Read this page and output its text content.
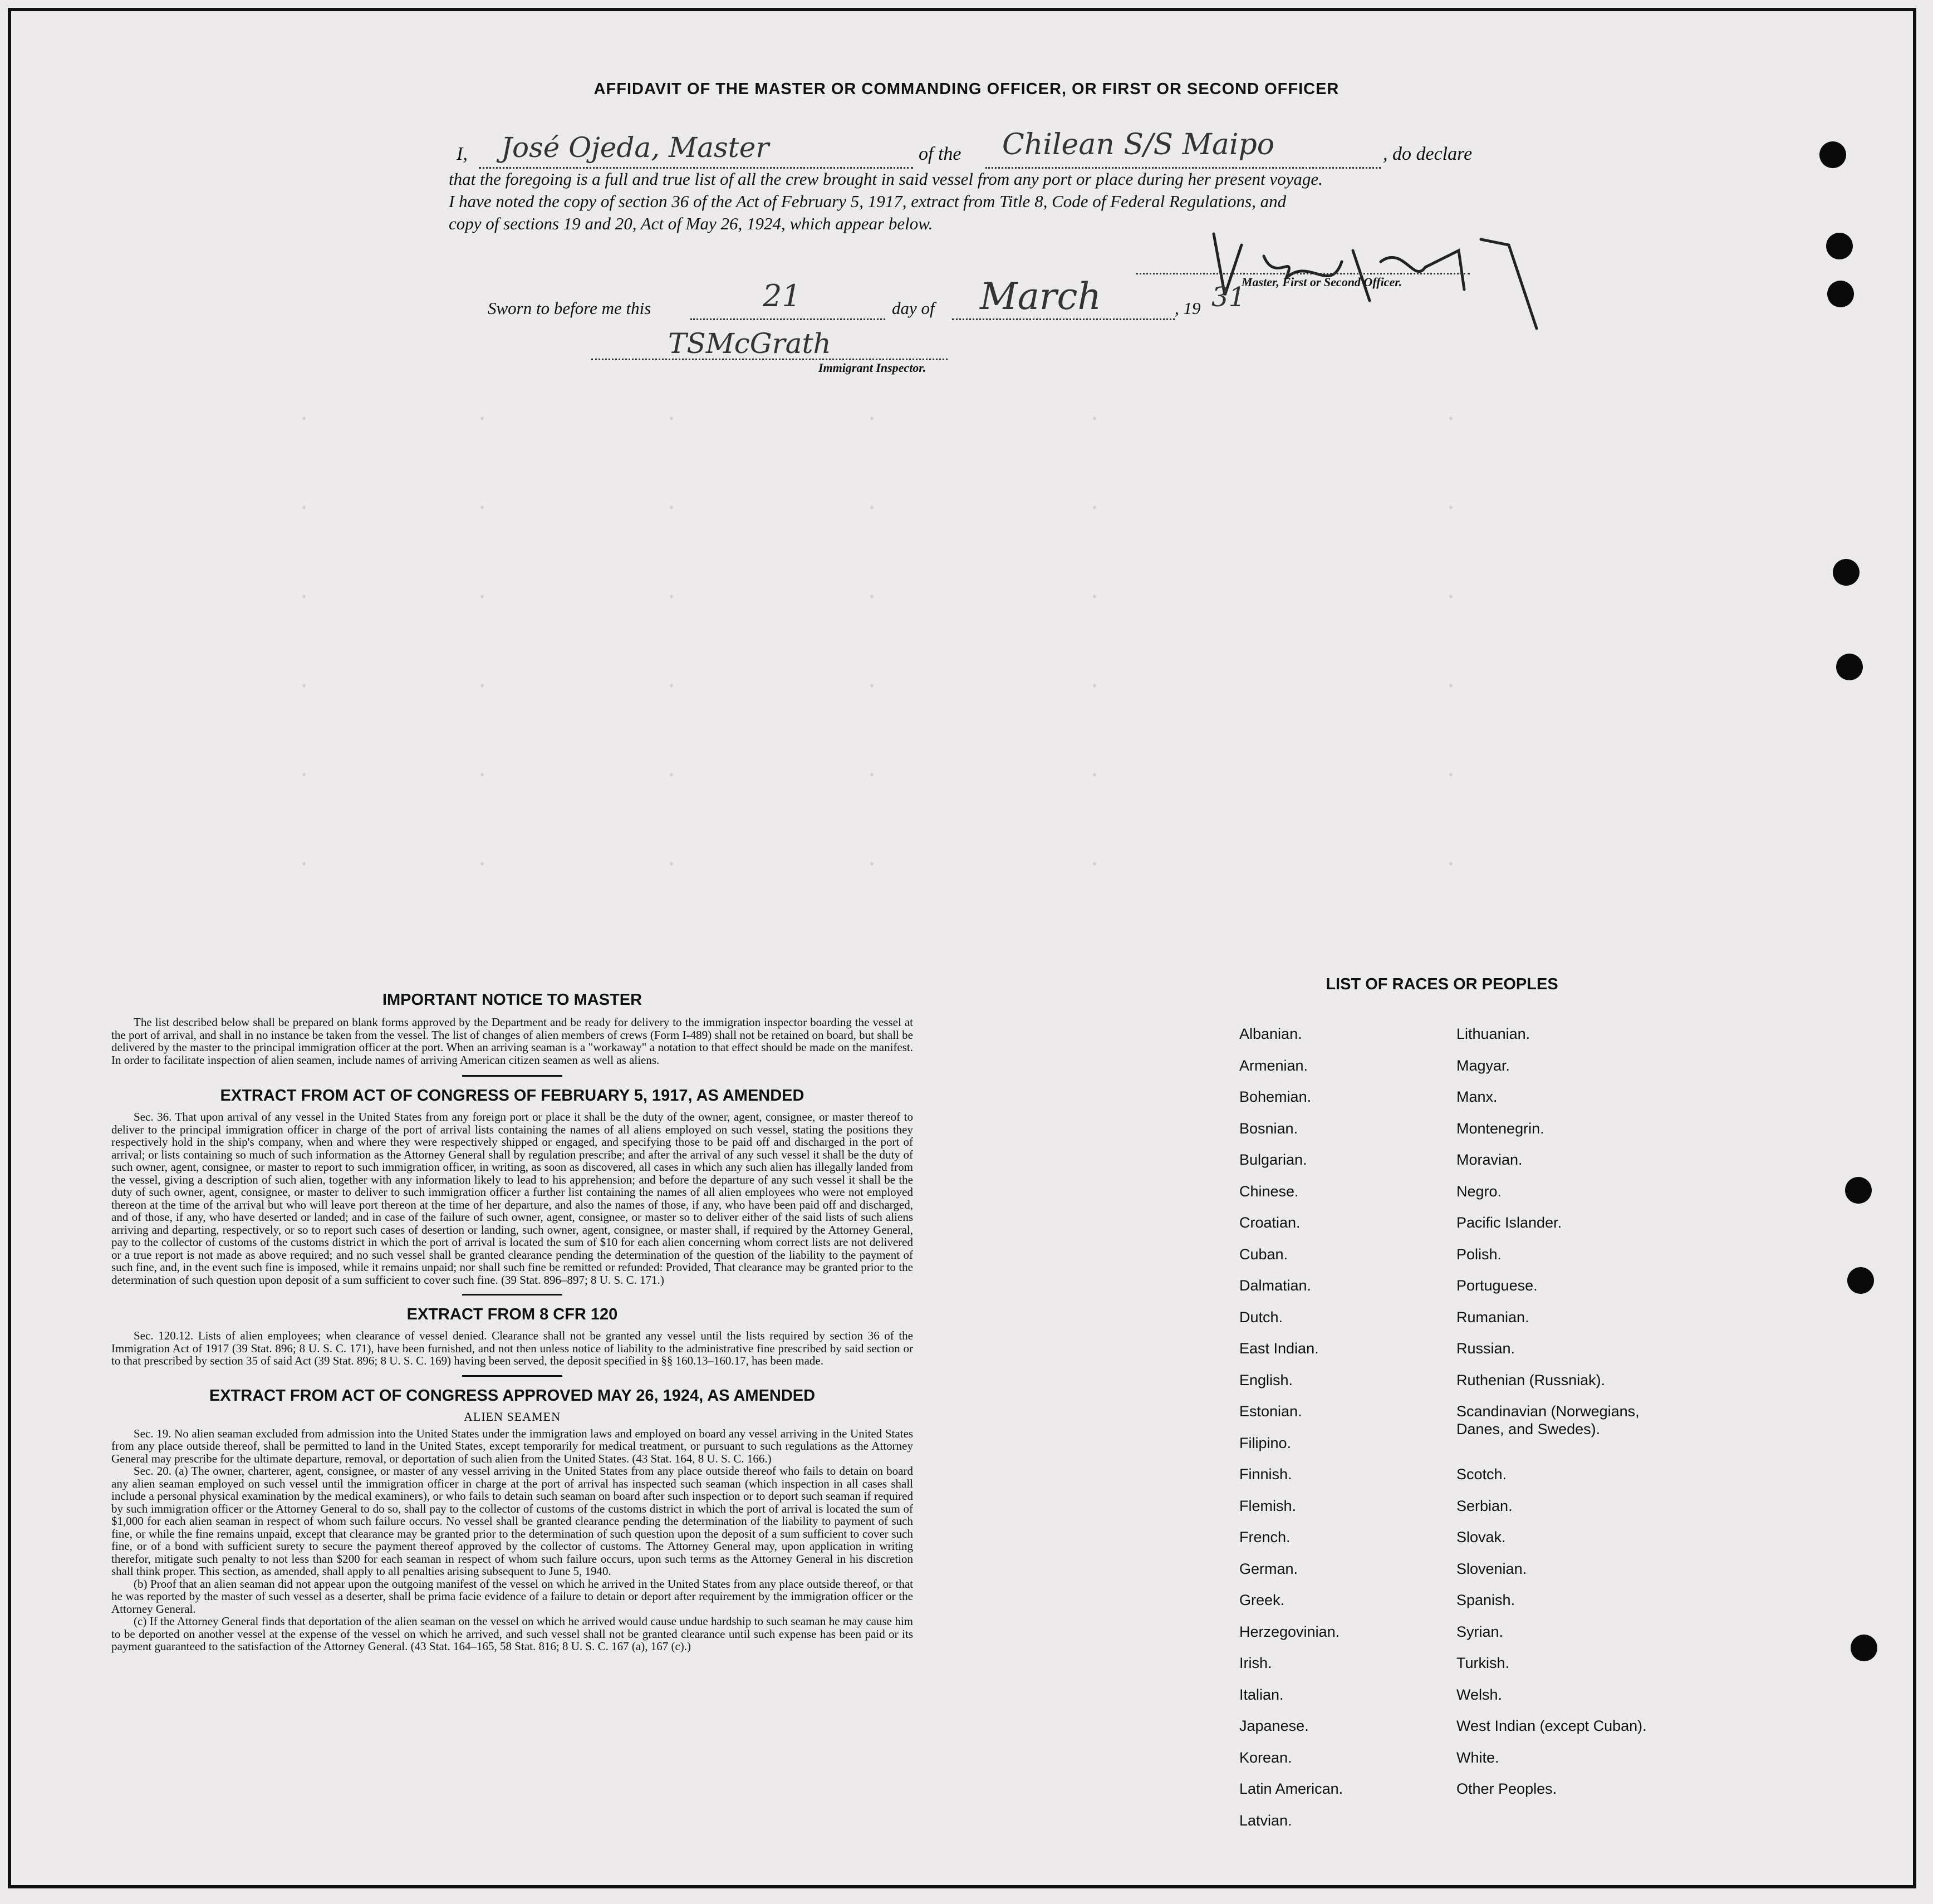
•	•	•	•	•	•
•	•	•	•	•	•
•	•	•	•	•	•
•	•	•	•	•	•
•	•	•	•	•	•
•	•	•	•	•	•
AFFIDAVIT OF THE MASTER OR COMMANDING OFFICER, OR FIRST OR SECOND OFFICER
I, José Ojeda, Master	of the Chilean S/S Maipo	, do declare
that the foregoing is a full and true list of all the crew brought in said vessel from any port or place during her present voyage.
I have noted the copy of section 36 of the Act of February 5, 1917, extract from Title 8, Code of Federal Regulations, and
copy of sections 19 and 20, Act of May 26, 1924, which appear below.
Master, First or Second Officer.
Sworn to before me this	21	day of March	, 19 31
TSMcGrath
Immigrant Inspector.
IMPORTANT NOTICE TO MASTER

The list described below shall be prepared on blank forms approved by the Department and be ready for delivery to the immigration inspector boarding the vessel at the port of arrival, and shall in no instance be taken from the vessel. The list of changes of alien members of crews (Form I-489) shall not be retained on board, but shall be delivered by the master to the principal immigration officer at the port. When an arriving seaman is a "workaway" a notation to that effect should be made on the manifest. In order to facilitate inspection of alien seamen, include names of arriving American citizen seamen as well as aliens.

EXTRACT FROM ACT OF CONGRESS OF FEBRUARY 5, 1917, AS AMENDED

Sec. 36. That upon arrival of any vessel in the United States from any foreign port or place it shall be the duty of the owner, agent, consignee, or master thereof to deliver to the principal immigration officer in charge of the port of arrival lists containing the names of all aliens employed on such vessel, stating the positions they respectively hold in the ship's company, when and where they were respectively shipped or engaged, and specifying those to be paid off and discharged in the port of arrival; or lists containing so much of such information as the Attorney General shall by regulation prescribe; and after the arrival of any such vessel it shall be the duty of such owner, agent, consignee, or master to report to such immigration officer, in writing, as soon as discovered, all cases in which any such alien has illegally landed from the vessel, giving a description of such alien, together with any information likely to lead to his apprehension; and before the departure of any such vessel it shall be the duty of such owner, agent, consignee, or master to deliver to such immigration officer a further list containing the names of all alien employees who were not employed thereon at the time of the arrival but who will leave port thereon at the time of her departure, and also the names of those, if any, who have been paid off and discharged, and of those, if any, who have deserted or landed; and in case of the failure of such owner, agent, consignee, or master so to deliver either of the said lists of such aliens arriving and departing, respectively, or so to report such cases of desertion or landing, such owner, agent, consignee, or master shall, if required by the Attorney General, pay to the collector of customs of the customs district in which the port of arrival is located the sum of $10 for each alien concerning whom correct lists are not delivered or a true report is not made as above required; and no such vessel shall be granted clearance pending the determination of the question of the liability to the payment of such fine, and, in the event such fine is imposed, while it remains unpaid; nor shall such fine be remitted or refunded: Provided, That clearance may be granted prior to the determination of such question upon deposit of a sum sufficient to cover such fine. (39 Stat. 896–897; 8 U. S. C. 171.)

EXTRACT FROM 8 CFR 120

Sec. 120.12. Lists of alien employees; when clearance of vessel denied. Clearance shall not be granted any vessel until the lists required by section 36 of the Immigration Act of 1917 (39 Stat. 896; 8 U. S. C. 171), have been furnished, and not then unless notice of liability to the administrative fine prescribed by said section or to that prescribed by section 35 of said Act (39 Stat. 896; 8 U. S. C. 169) having been served, the deposit specified in §§ 160.13–160.17, has been made.

EXTRACT FROM ACT OF CONGRESS APPROVED MAY 26, 1924, AS AMENDED
ALIEN SEAMEN

Sec. 19. No alien seaman excluded from admission into the United States under the immigration laws and employed on board any vessel arriving in the United States from any place outside thereof, shall be permitted to land in the United States, except temporarily for medical treatment, or pursuant to such regulations as the Attorney General may prescribe for the ultimate departure, removal, or deportation of such alien from the United States. (43 Stat. 164, 8 U. S. C. 166.)

Sec. 20. (a) The owner, charterer, agent, consignee, or master of any vessel arriving in the United States from any place outside thereof who fails to detain on board any alien seaman employed on such vessel until the immigration officer in charge at the port of arrival has inspected such seaman (which inspection in all cases shall include a personal physical examination by the medical examiners), or who fails to detain such seaman on board after such inspection or to deport such seaman if required by such immigration officer or the Attorney General to do so, shall pay to the collector of customs of the customs district in which the port of arrival is located the sum of $1,000 for each alien seaman in respect of whom such failure occurs. No vessel shall be granted clearance pending the determination of the liability to payment of such fine, or while the fine remains unpaid, except that clearance may be granted prior to the determination of such question upon the deposit of a sum sufficient to cover such fine, or of a bond with sufficient surety to secure the payment thereof approved by the collector of customs. The Attorney General may, upon application in writing therefor, mitigate such penalty to not less than $200 for each seaman in respect of whom such failure occurs, upon such terms as the Attorney General in his discretion shall think proper. This section, as amended, shall apply to all penalties arising subsequent to June 5, 1940.

(b) Proof that an alien seaman did not appear upon the outgoing manifest of the vessel on which he arrived in the United States from any place outside thereof, or that he was reported by the master of such vessel as a deserter, shall be prima facie evidence of a failure to detain or deport after requirement by the immigration officer or the Attorney General.

(c) If the Attorney General finds that deportation of the alien seaman on the vessel on which he arrived would cause undue hardship to such seaman he may cause him to be deported on another vessel at the expense of the vessel on which he arrived, and such vessel shall not be granted clearance until such expense has been paid or its payment guaranteed to the satisfaction of the Attorney General. (43 Stat. 164–165, 58 Stat. 816; 8 U. S. C. 167 (a), 167 (c).)

LIST OF RACES OR PEOPLES
Albanian.
Armenian.
Bohemian.
Bosnian.
Bulgarian.
Chinese.
Croatian.
Cuban.
Dalmatian.
Dutch.
East Indian.
English.
Estonian.
Filipino.
Finnish.
Flemish.
French.
German.
Greek.
Herzegovinian.
Irish.
Italian.
Japanese.
Korean.
Latin American.
Latvian.
Lithuanian.
Magyar.
Manx.
Montenegrin.
Moravian.
Negro.
Pacific Islander.
Polish.
Portuguese.
Rumanian.
Russian.
Ruthenian (Russniak).
Scandinavian (Norwegians,
Danes, and Swedes).
Scotch.
Serbian.
Slovak.
Slovenian.
Spanish.
Syrian.
Turkish.
Welsh.
West Indian (except Cuban).
White.
Other Peoples.
